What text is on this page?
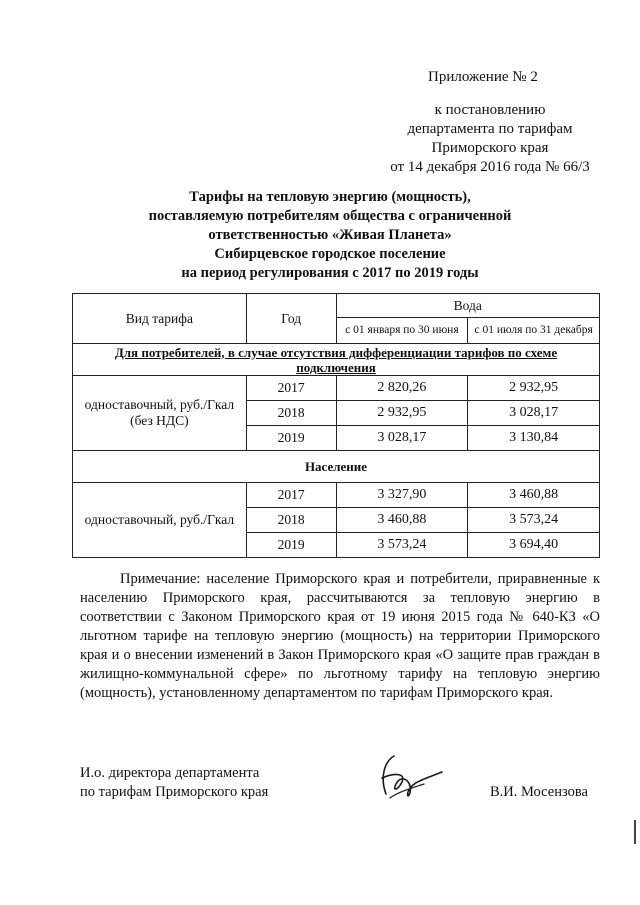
Приложение № 2
к постановлению
департамента по тарифам
Приморского края
от 14 декабря 2016 года № 66/3
Тарифы на тепловую энергию (мощность),
поставляемую потребителям общества с ограниченной
ответственностью «Живая Планета»
Сибирцевское городское поселение
на период регулирования с 2017 по 2019 годы
Вид тарифа	Год	Вода	
		с 01 января по 30 июня	с 01 июля по 31 декабря
Для потребителей, в случае отсутствия дифференциации тарифов по схеме подключения			
одноставочный, руб./Гкал (без НДС)	2017	2 820,26	2 932,95
	2018	2 932,95	3 028,17
	2019	3 028,17	3 130,84
Население			
одноставочный, руб./Гкал	2017	3 327,90	3 460,88
	2018	3 460,88	3 573,24
	2019	3 573,24	3 694,40
Примечание: население Приморского края и потребители, приравненные к населению Приморского края, рассчитываются за тепловую энергию в соответствии с Законом Приморского края от 19 июня 2015 года № 640-КЗ «О льготном тарифе на тепловую энергию (мощность) на территории Приморского края и о внесении изменений в Закон Приморского края «О защите прав граждан в жилищно-коммунальной сфере» по льготному тарифу на тепловую энергию (мощность), установленному департаментом по тарифам Приморского края.
И.о. директора департамента
по тарифам Приморского края	В.И. Мосензова
